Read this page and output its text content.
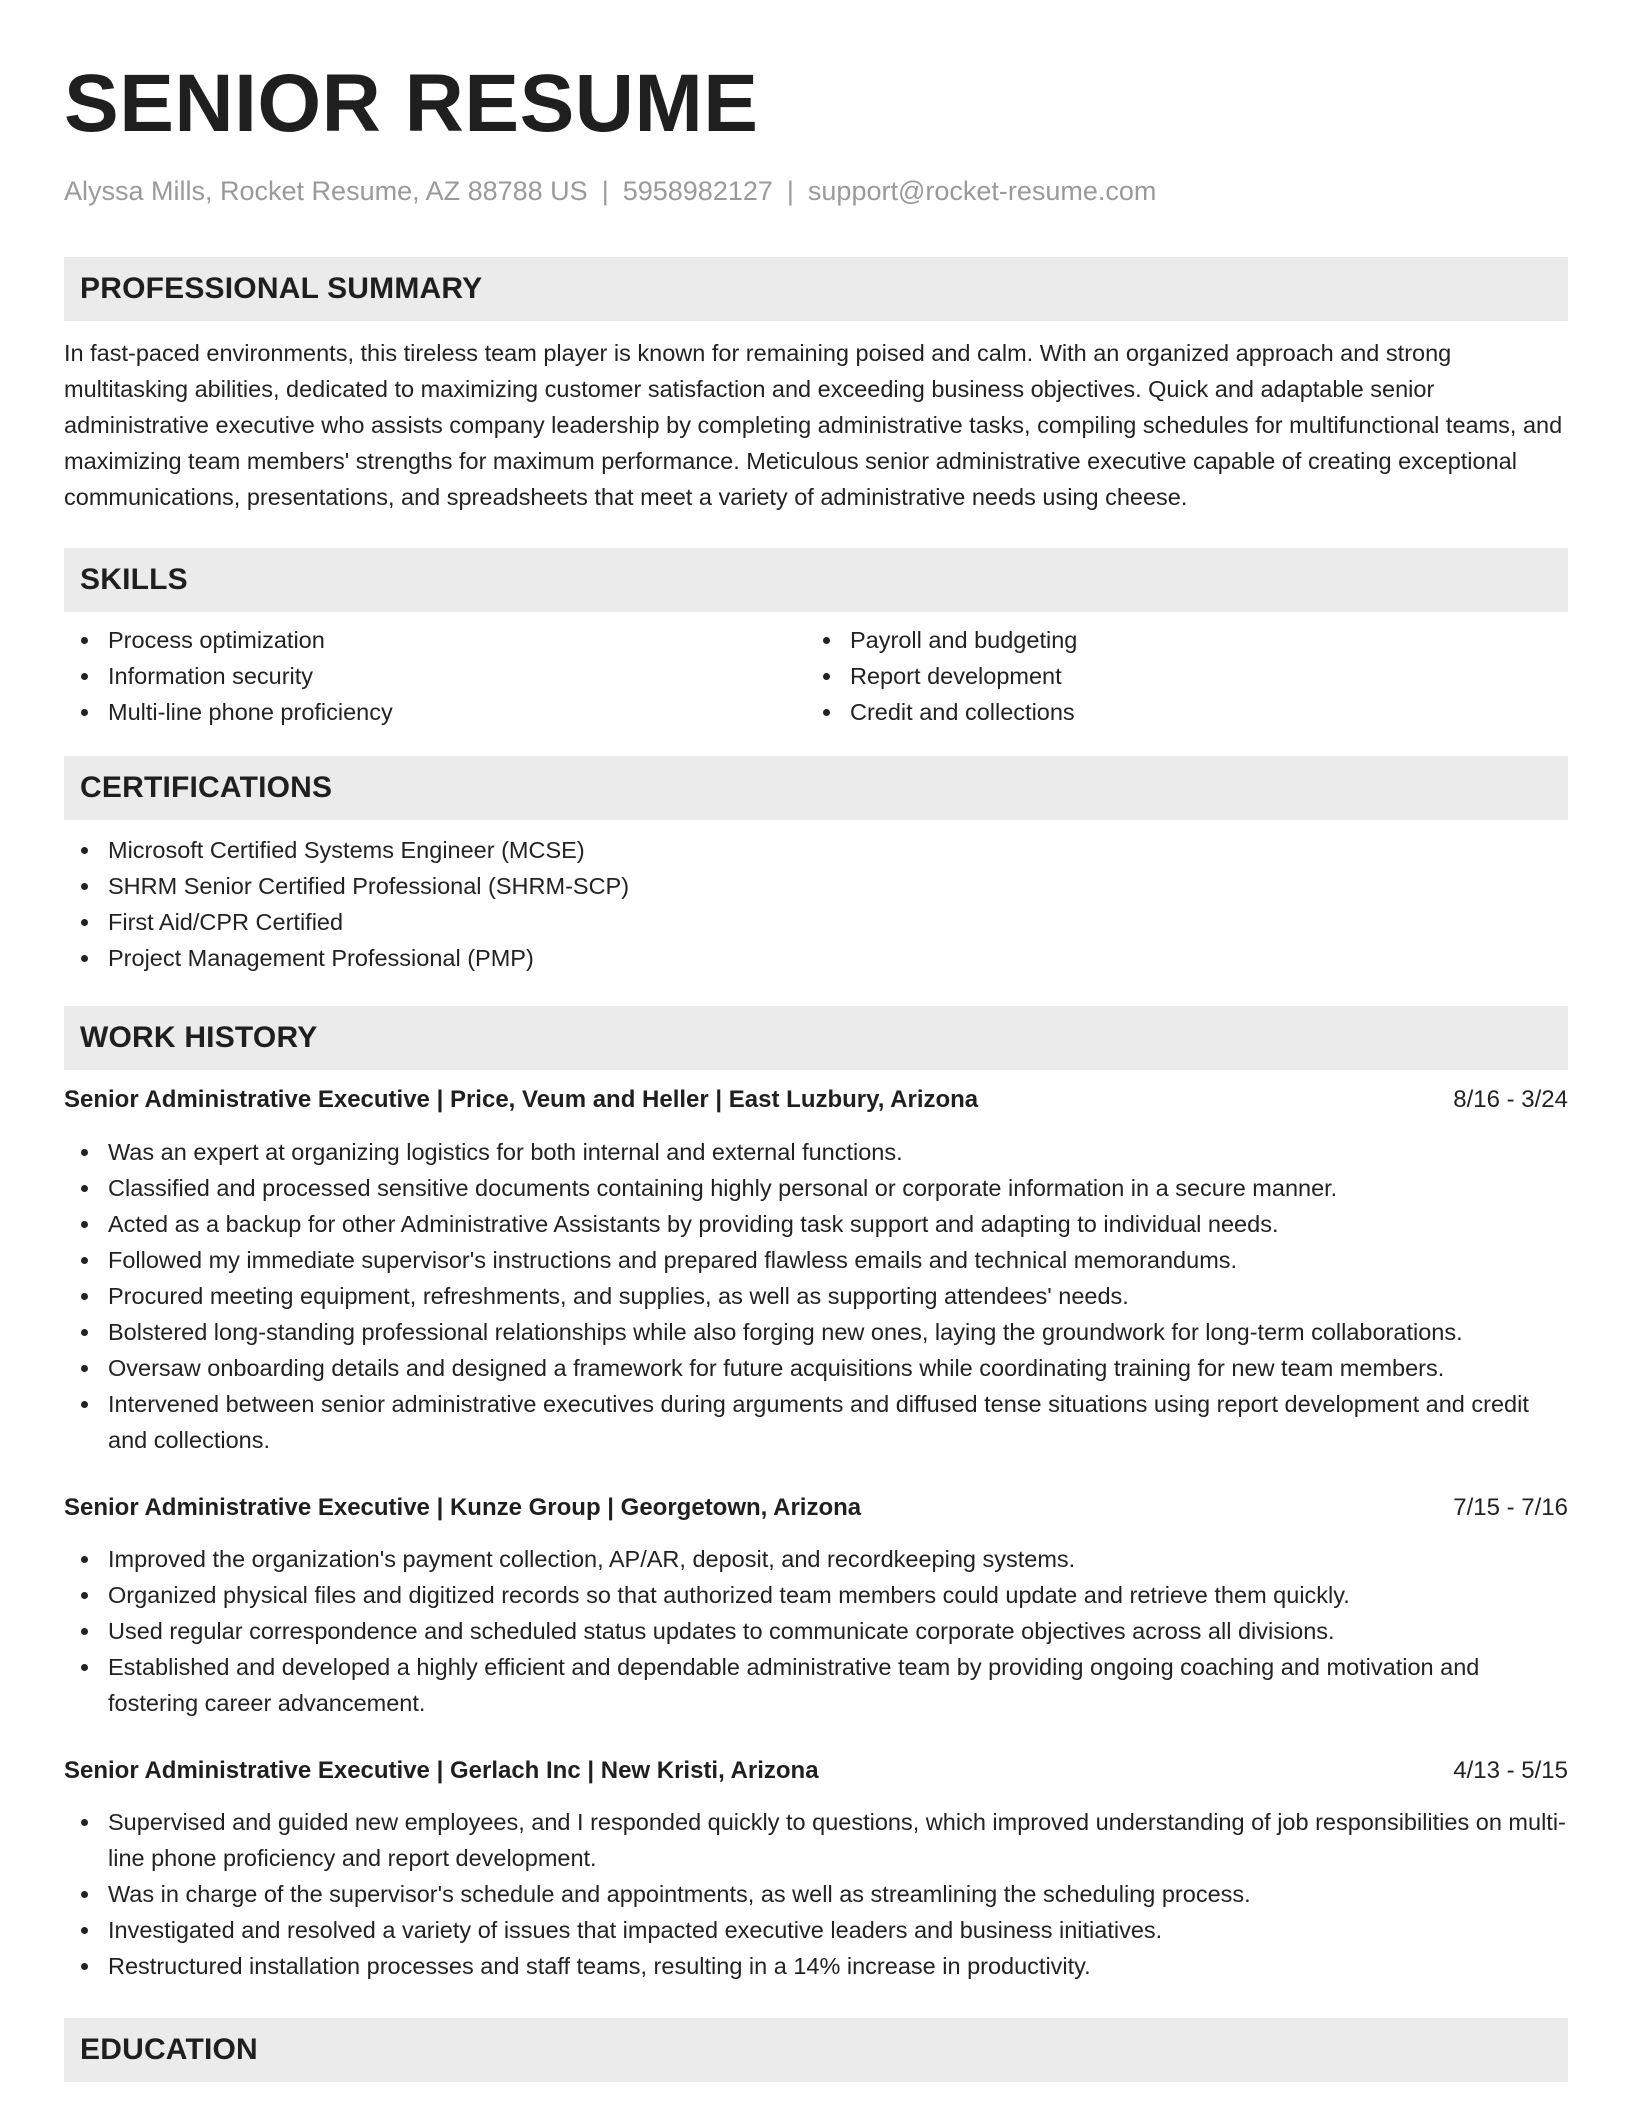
SENIOR RESUME
Alyssa Mills, Rocket Resume, AZ 88788 US | 5958982127 | support@rocket-resume.com
PROFESSIONAL SUMMARY

In fast-paced environments, this tireless team player is known for remaining poised and calm. With an organized approach and strong multitasking abilities, dedicated to maximizing customer satisfaction and exceeding business objectives. Quick and adaptable senior administrative executive who assists company leadership by completing administrative tasks, compiling schedules for multifunctional teams, and maximizing team members' strengths for maximum performance. Meticulous senior administrative executive capable of creating exceptional communications, presentations, and spreadsheets that meet a variety of administrative needs using cheese.

SKILLS
Process optimization
Information security
Multi-line phone proficiency
Payroll and budgeting
Report development
Credit and collections
CERTIFICATIONS
Microsoft Certified Systems Engineer (MCSE)
SHRM Senior Certified Professional (SHRM-SCP)
First Aid/CPR Certified
Project Management Professional (PMP)
WORK HISTORY
Senior Administrative Executive | Price, Veum and Heller | East Luzbury, Arizona	8/16 - 3/24
Was an expert at organizing logistics for both internal and external functions.
Classified and processed sensitive documents containing highly personal or corporate information in a secure manner.
Acted as a backup for other Administrative Assistants by providing task support and adapting to individual needs.
Followed my immediate supervisor's instructions and prepared flawless emails and technical memorandums.
Procured meeting equipment, refreshments, and supplies, as well as supporting attendees' needs.
Bolstered long-standing professional relationships while also forging new ones, laying the groundwork for long-term collaborations.
Oversaw onboarding details and designed a framework for future acquisitions while coordinating training for new team members.
Intervened between senior administrative executives during arguments and diffused tense situations using report development and credit and collections.
Senior Administrative Executive | Kunze Group | Georgetown, Arizona	7/15 - 7/16
Improved the organization's payment collection, AP/AR, deposit, and recordkeeping systems.
Organized physical files and digitized records so that authorized team members could update and retrieve them quickly.
Used regular correspondence and scheduled status updates to communicate corporate objectives across all divisions.
Established and developed a highly efficient and dependable administrative team by providing ongoing coaching and motivation and fostering career advancement.
Senior Administrative Executive | Gerlach Inc | New Kristi, Arizona	4/13 - 5/15
Supervised and guided new employees, and I responded quickly to questions, which improved understanding of job responsibilities on multi-line phone proficiency and report development.
Was in charge of the supervisor's schedule and appointments, as well as streamlining the scheduling process.
Investigated and resolved a variety of issues that impacted executive leaders and business initiatives.
Restructured installation processes and staff teams, resulting in a 14% increase in productivity.
EDUCATION
